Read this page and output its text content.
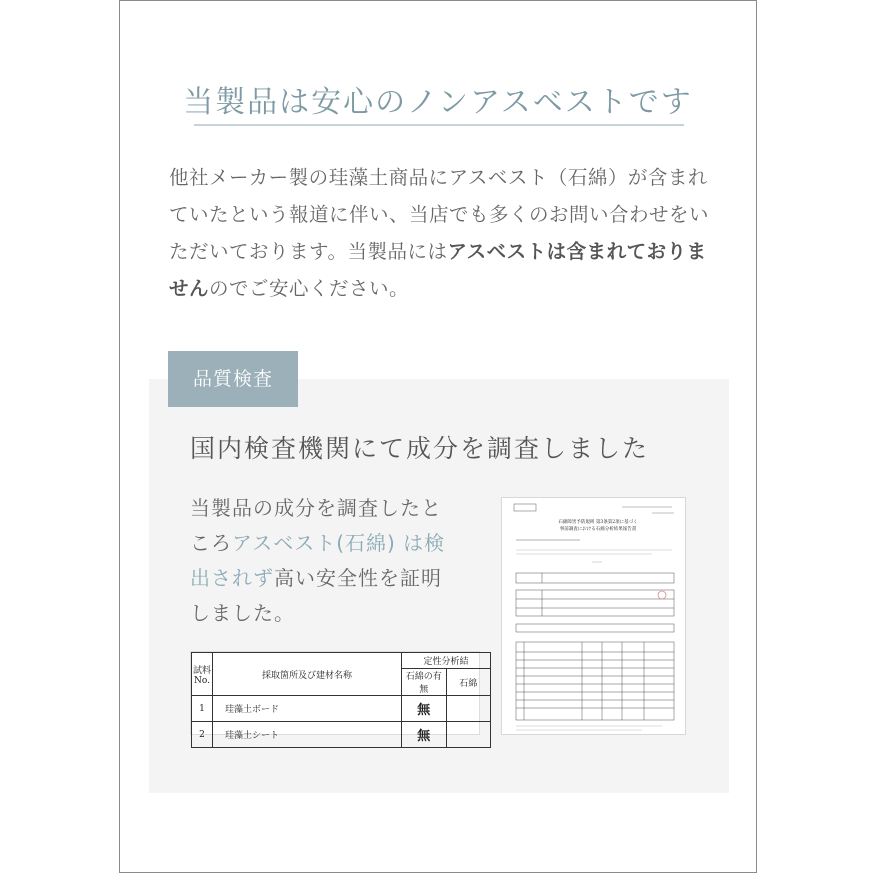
当製品は安心のノンアスベストです
他社メーカー製の珪藻土商品にアスベスト（石綿）が含まれていたという報道に伴い、当店でも多くのお問い合わせをいただいております。当製品にはアスベストは含まれておりませんのでご安心ください。
品質検査
国内検査機関にて成分を調査しました
当製品の成分を調査したところアスベスト(石綿) は検出されず高い安全性を証明しました。
試料No.	採取箇所及び建材名称	定性分析結	
		石綿の有無	石綿
1	珪藻土ボード	無	
2	珪藻土シート	無	
石綿障害予防規則 第3条第2項に基づく
事前調査における石綿分析結果報告書
